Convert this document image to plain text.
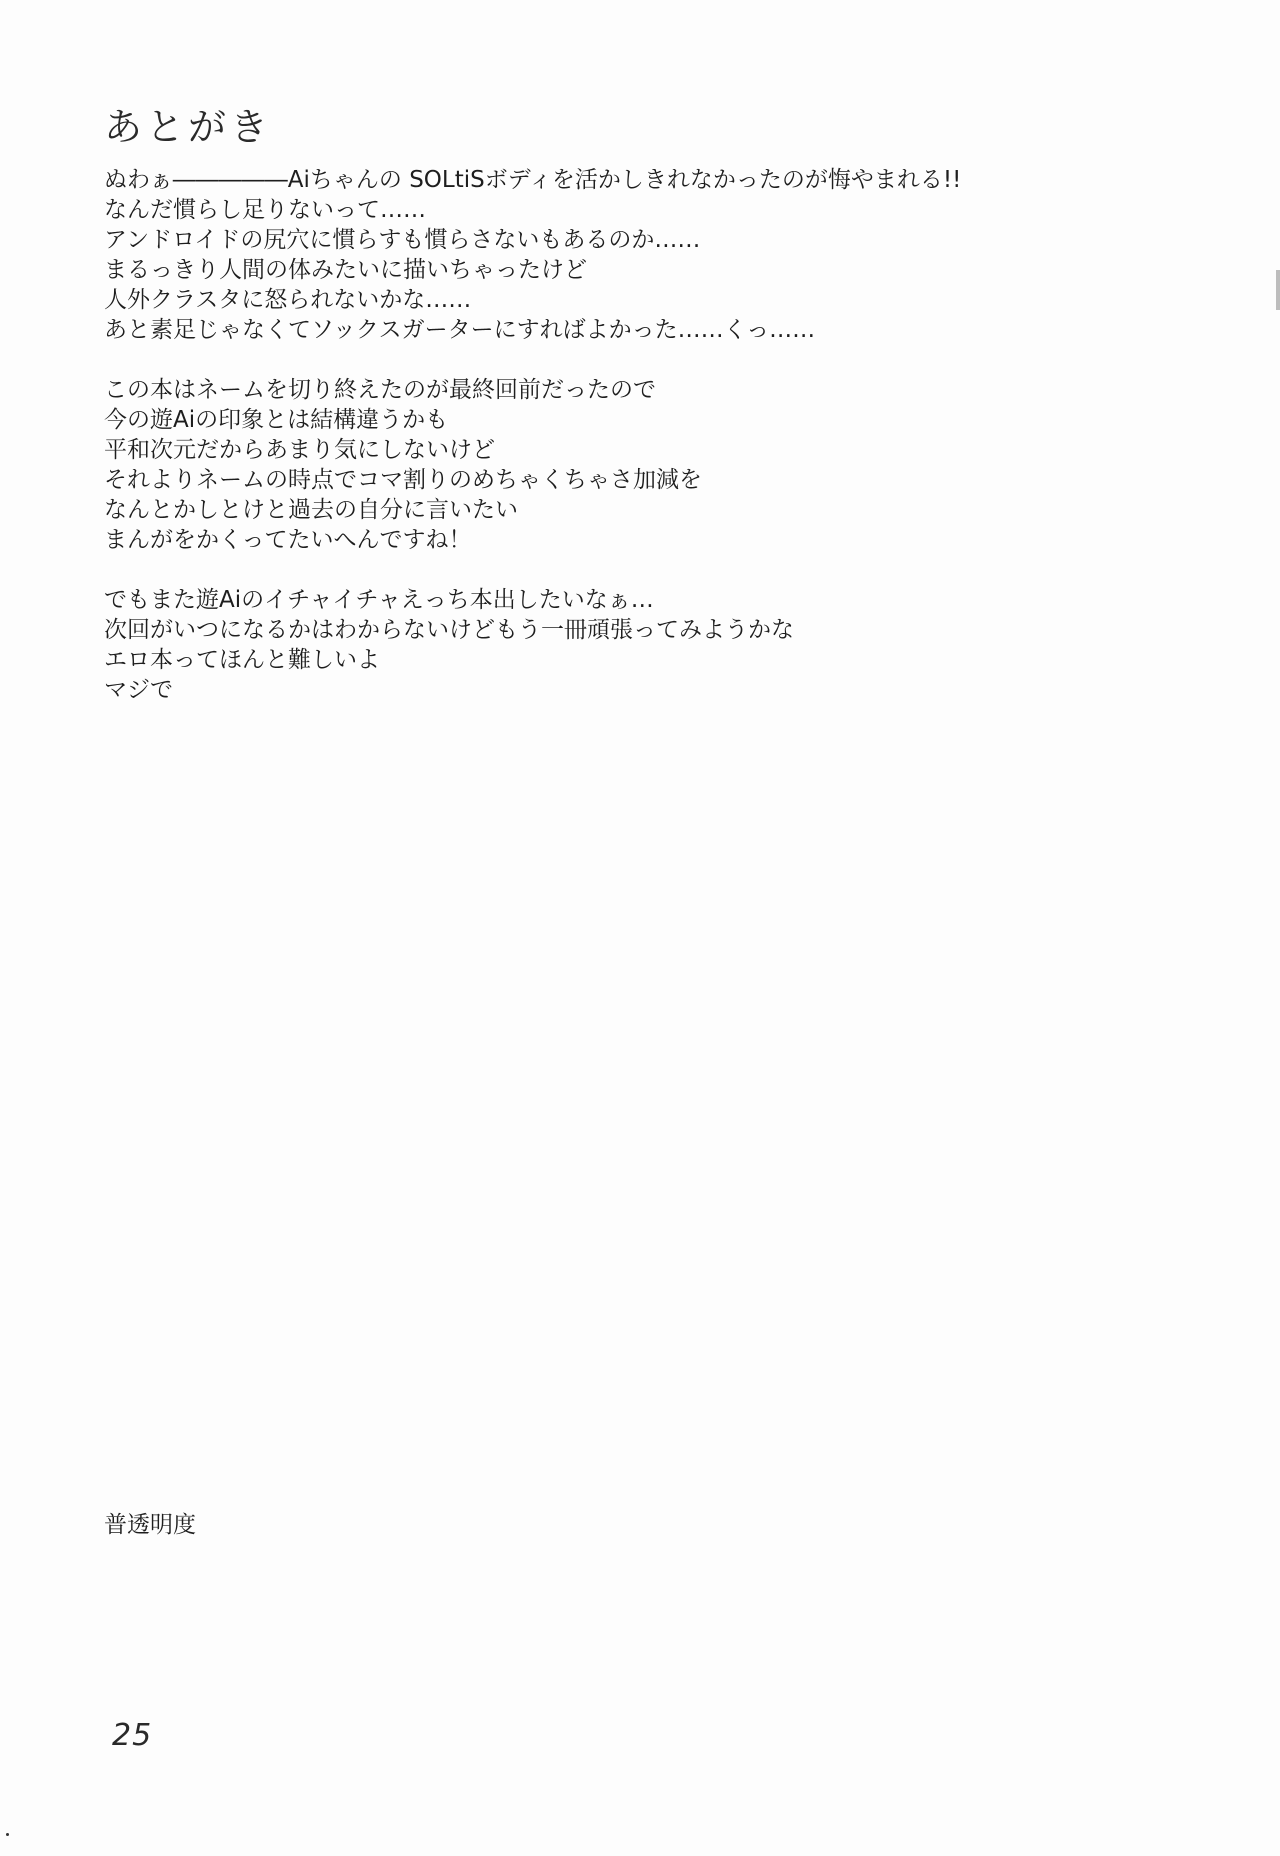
あとがき
ぬわぁ―――――Aiちゃんの SOLtiSボディを活かしきれなかったのが悔やまれる!!
なんだ慣らし足りないって……
アンドロイドの尻穴に慣らすも慣らさないもあるのか……
まるっきり人間の体みたいに描いちゃったけど
人外クラスタに怒られないかな……
あと素足じゃなくてソックスガーターにすればよかった……くっ……
この本はネームを切り終えたのが最終回前だったので
今の遊Aiの印象とは結構違うかも
平和次元だからあまり気にしないけど
それよりネームの時点でコマ割りのめちゃくちゃさ加減を
なんとかしとけと過去の自分に言いたい
まんがをかくってたいへんですね！
でもまた遊Aiのイチャイチャえっち本出したいなぁ…
次回がいつになるかはわからないけどもう一冊頑張ってみようかな
エロ本ってほんと難しいよ
マジで
普透明度
25
